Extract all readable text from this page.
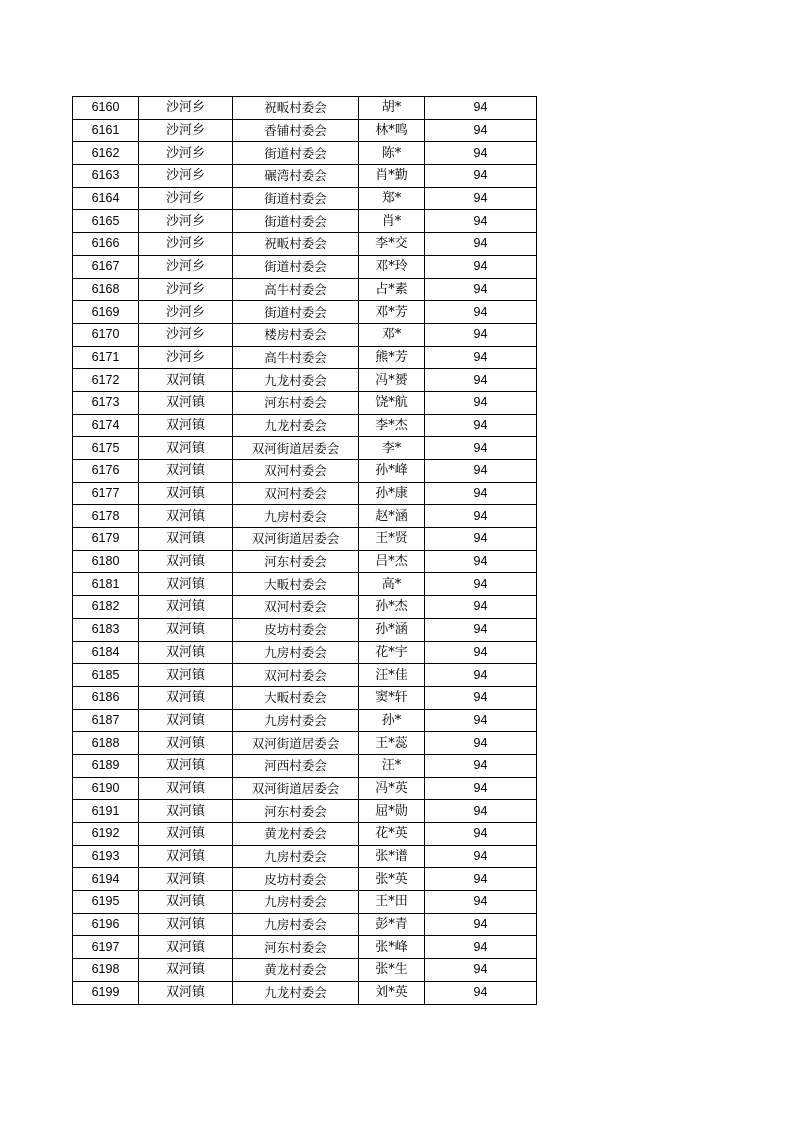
6160	沙河乡	祝畈村委会	胡*	94
6161	沙河乡	香铺村委会	林*鸣	94
6162	沙河乡	街道村委会	陈*	94
6163	沙河乡	碾湾村委会	肖*勤	94
6164	沙河乡	街道村委会	郑*	94
6165	沙河乡	街道村委会	肖*	94
6166	沙河乡	祝畈村委会	李*交	94
6167	沙河乡	街道村委会	邓*玲	94
6168	沙河乡	高牛村委会	占*素	94
6169	沙河乡	街道村委会	邓*芳	94
6170	沙河乡	楼房村委会	邓*	94
6171	沙河乡	高牛村委会	熊*芳	94
6172	双河镇	九龙村委会	冯*赟	94
6173	双河镇	河东村委会	饶*航	94
6174	双河镇	九龙村委会	李*杰	94
6175	双河镇	双河街道居委会	李*	94
6176	双河镇	双河村委会	孙*峰	94
6177	双河镇	双河村委会	孙*康	94
6178	双河镇	九房村委会	赵*涵	94
6179	双河镇	双河街道居委会	王*贤	94
6180	双河镇	河东村委会	吕*杰	94
6181	双河镇	大畈村委会	高*	94
6182	双河镇	双河村委会	孙*杰	94
6183	双河镇	皮坊村委会	孙*涵	94
6184	双河镇	九房村委会	花*宇	94
6185	双河镇	双河村委会	汪*佳	94
6186	双河镇	大畈村委会	窦*轩	94
6187	双河镇	九房村委会	孙*	94
6188	双河镇	双河街道居委会	王*蕊	94
6189	双河镇	河西村委会	汪*	94
6190	双河镇	双河街道居委会	冯*英	94
6191	双河镇	河东村委会	屈*勋	94
6192	双河镇	黄龙村委会	花*英	94
6193	双河镇	九房村委会	张*谱	94
6194	双河镇	皮坊村委会	张*英	94
6195	双河镇	九房村委会	王*田	94
6196	双河镇	九房村委会	彭*青	94
6197	双河镇	河东村委会	张*峰	94
6198	双河镇	黄龙村委会	张*生	94
6199	双河镇	九龙村委会	刘*英	94
